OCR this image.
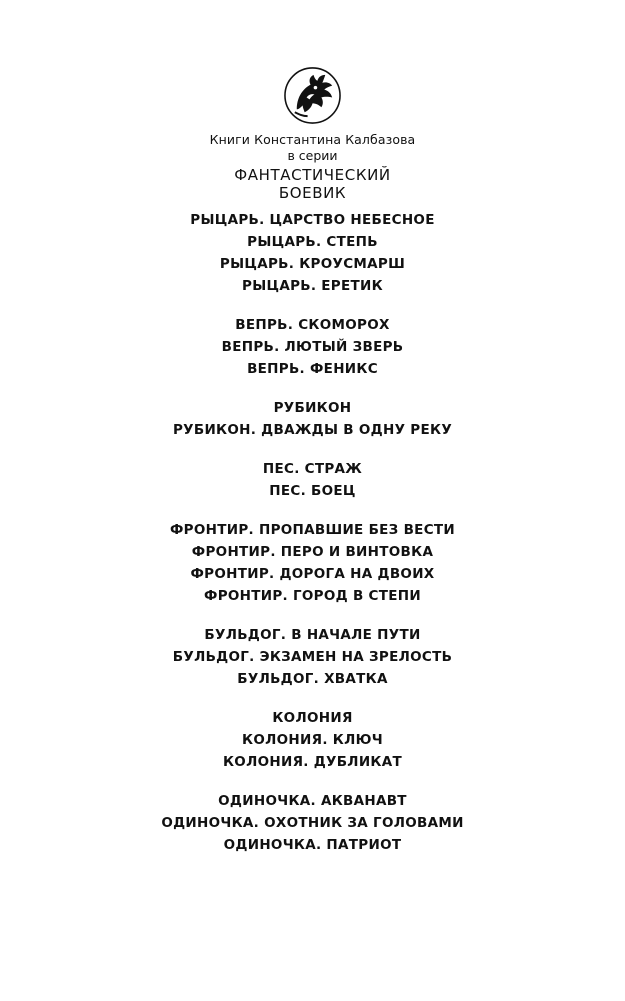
Книги Константина Калбазова
в серии
ФАНТАСТИЧЕСКИЙ
БОЕВИК
РЫЦАРЬ. ЦАРСТВО НЕБЕСНОЕ
РЫЦАРЬ. СТЕПЬ
РЫЦАРЬ. КРОУСМАРШ
РЫЦАРЬ. ЕРЕТИК
ВЕПРЬ. СКОМОРОХ
ВЕПРЬ. ЛЮТЫЙ ЗВЕРЬ
ВЕПРЬ. ФЕНИКС
РУБИКОН
РУБИКОН. ДВАЖДЫ В ОДНУ РЕКУ
ПЕС. СТРАЖ
ПЕС. БОЕЦ
ФРОНТИР. ПРОПАВШИЕ БЕЗ ВЕСТИ
ФРОНТИР. ПЕРО И ВИНТОВКА
ФРОНТИР. ДОРОГА НА ДВОИХ
ФРОНТИР. ГОРОД В СТЕПИ
БУЛЬДОГ. В НАЧАЛЕ ПУТИ
БУЛЬДОГ. ЭКЗАМЕН НА ЗРЕЛОСТЬ
БУЛЬДОГ. ХВАТКА
КОЛОНИЯ
КОЛОНИЯ. КЛЮЧ
КОЛОНИЯ. ДУБЛИКАТ
ОДИНОЧКА. АКВАНАВТ
ОДИНОЧКА. ОХОТНИК ЗА ГОЛОВАМИ
ОДИНОЧКА. ПАТРИОТ
